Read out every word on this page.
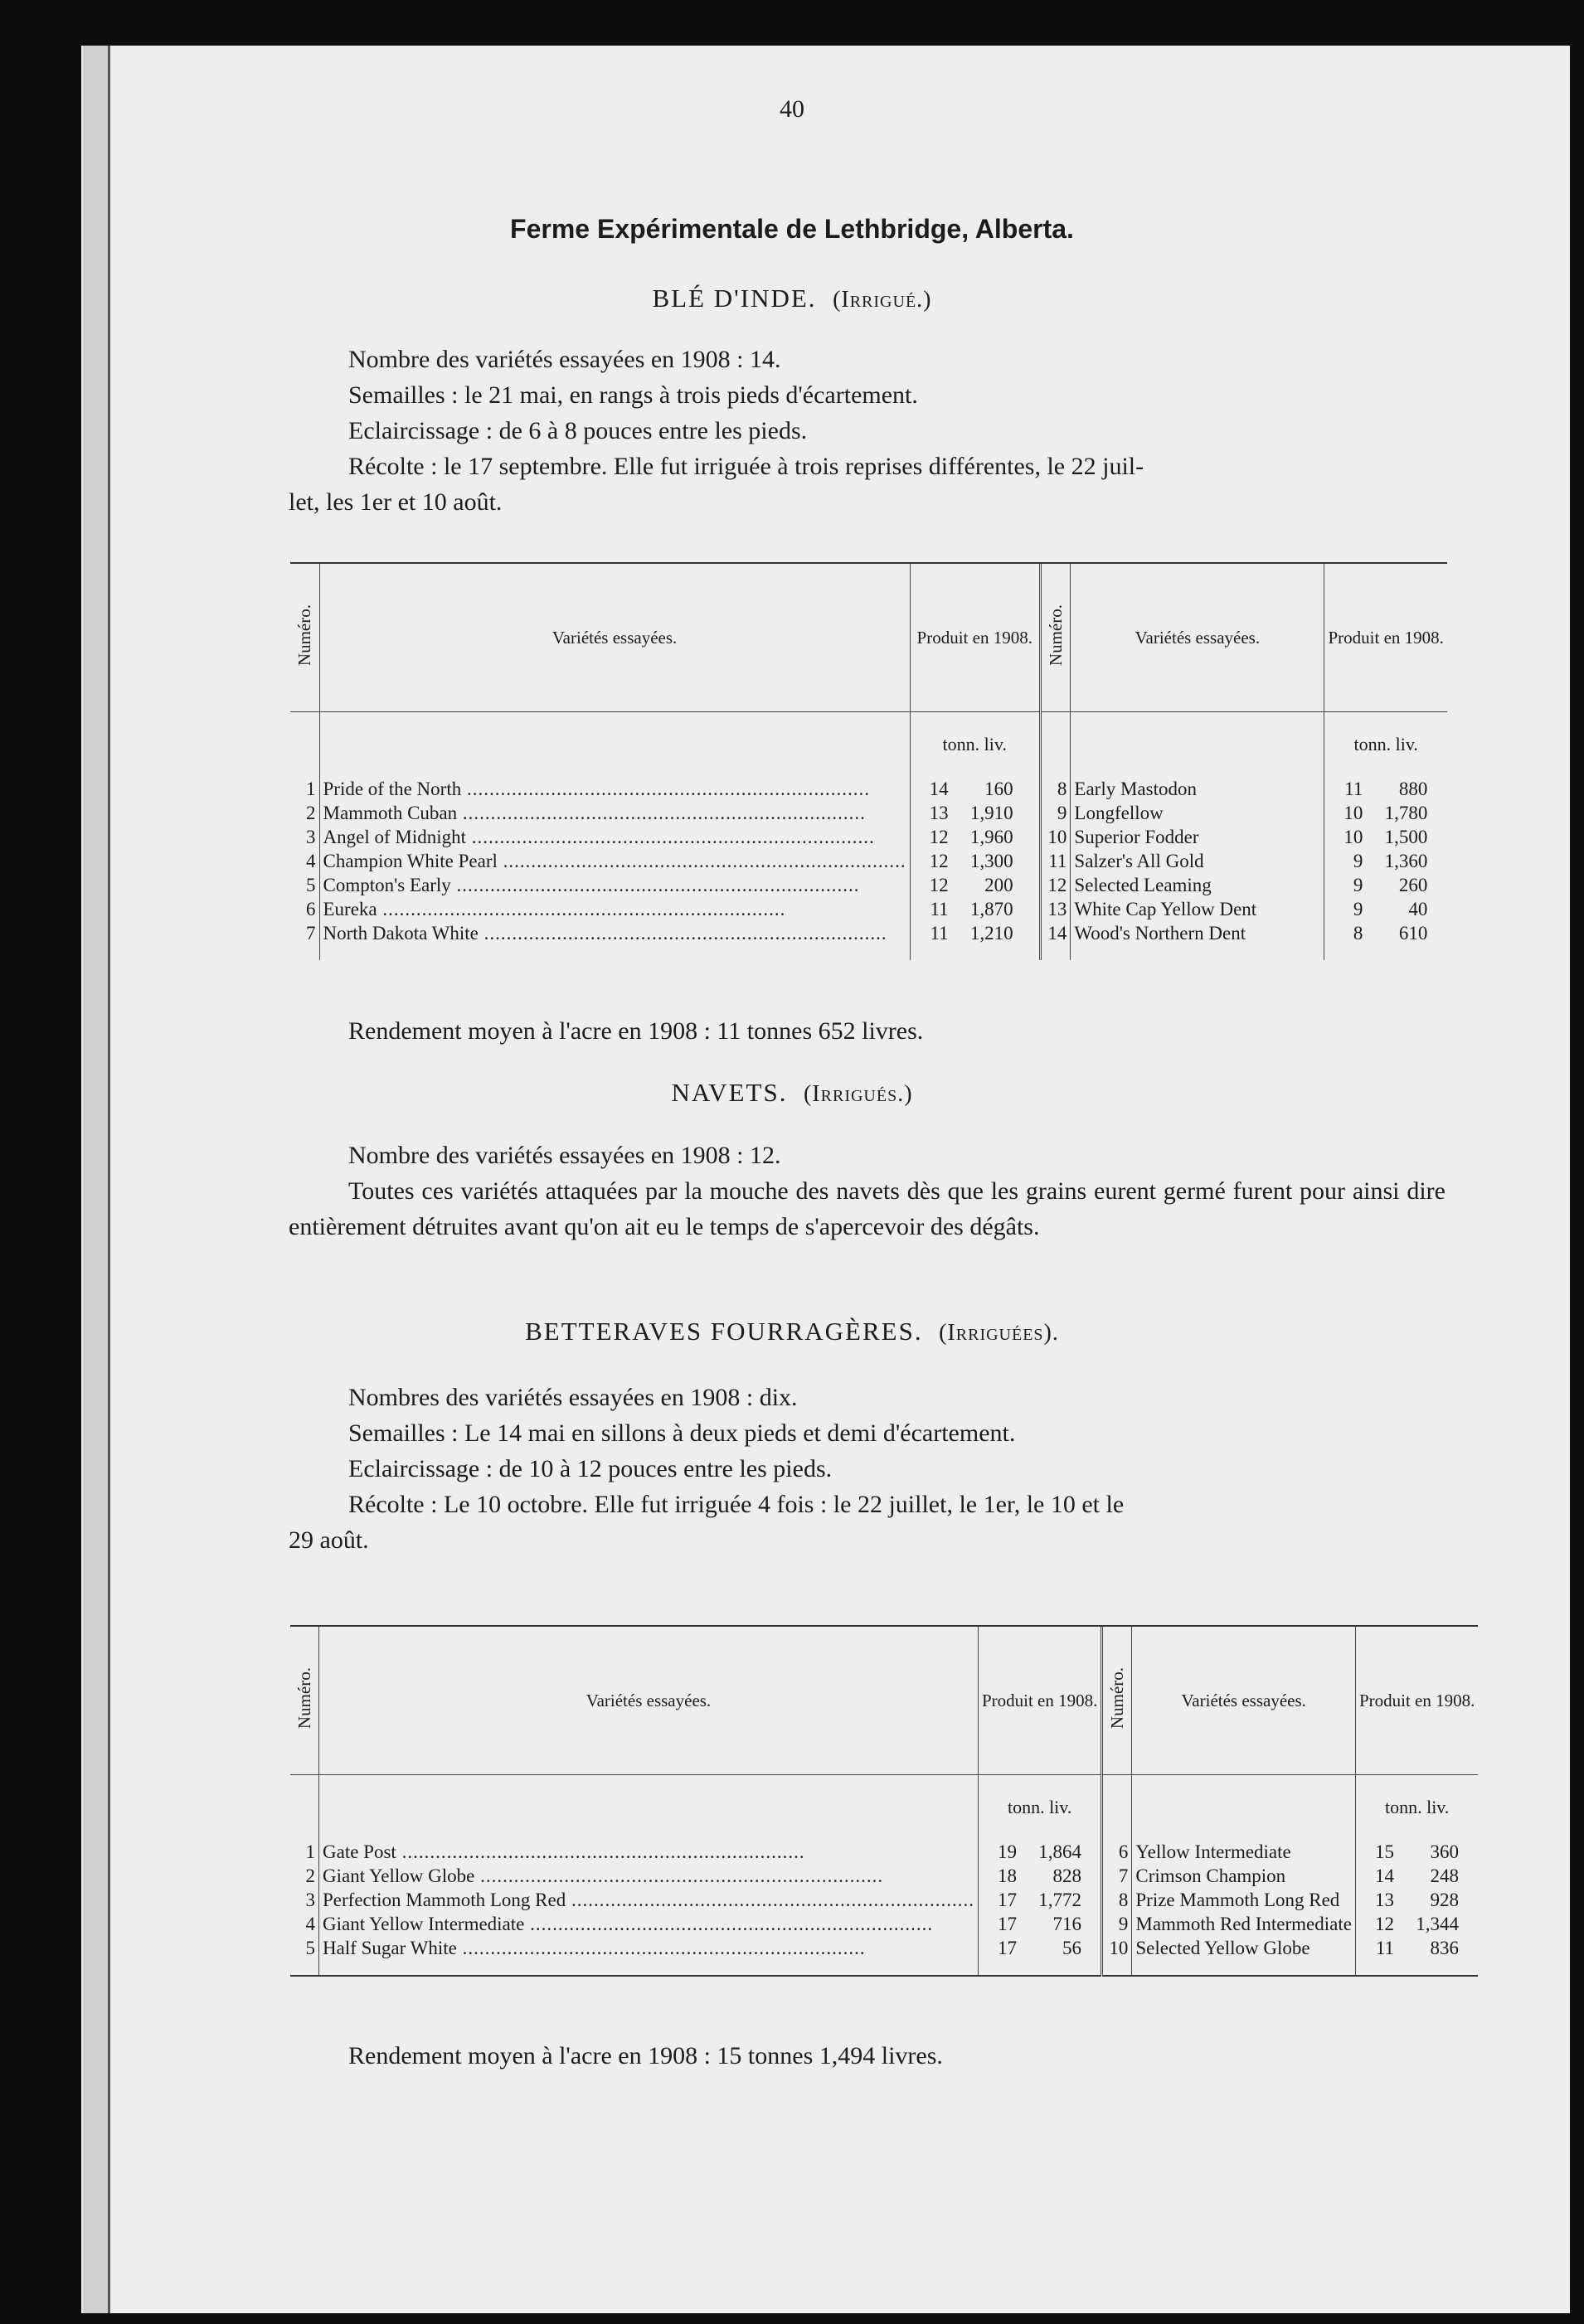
40
Ferme Expérimentale de Lethbridge, Alberta.
BLÉ D'INDE. (Irrigué.)

Nombre des variétés essayées en 1908 : 14.

Semailles : le 21 mai, en rangs à trois pieds d'écartement.

Eclaircissage : de 6 à 8 pouces entre les pieds.

Récolte : le 17 septembre. Elle fut irriguée à trois reprises différentes, le 22 juil-

let, les 1er et 10 août.

Numéro.	Variétés essayées.	Produit en 1908.	Numéro.	Variétés essayées.	Produit en 1908.
		tonn. liv.			tonn. liv.
1	Pride of the North .....	14 160	8	Early Mastodon	11 880
2	Mammoth Cuban .....	13 1,910	9	Longfellow	10 1,780
3	Angel of Midnight .....	12 1,960	10	Superior Fodder	10 1,500
4	Champion White Pearl .....	12 1,300	11	Salzer's All Gold	9 1,360
5	Compton's Early .....	12 200	12	Selected Leaming	9 260
6	Eureka .....	11 1,870	13	White Cap Yellow Dent	9 40
7	North Dakota White .....	11 1,210	14	Wood's Northern Dent	8 610

Rendement moyen à l'acre en 1908 : 11 tonnes 652 livres.

NAVETS. (Irrigués.)

Nombre des variétés essayées en 1908 : 12.

Toutes ces variétés attaquées par la mouche des navets dès que les grains eurent germé furent pour ainsi dire entièrement détruites avant qu'on ait eu le temps de s'apercevoir des dégâts.

BETTERAVES FOURRAGÈRES. (Irriguées).

Nombres des variétés essayées en 1908 : dix.

Semailles : Le 14 mai en sillons à deux pieds et demi d'écartement.

Eclaircissage : de 10 à 12 pouces entre les pieds.

Récolte : Le 10 octobre. Elle fut irriguée 4 fois : le 22 juillet, le 1er, le 10 et le

29 août.

Numéro.	Variétés essayées.	Produit en 1908.	Numéro.	Variétés essayées.	Produit en 1908.
		tonn. liv.			tonn. liv.
1	Gate Post .....	19 1,864	6	Yellow Intermediate	15 360
2	Giant Yellow Globe .....	18 828	7	Crimson Champion	14 248
3	Perfection Mammoth Long Red .....	17 1,772	8	Prize Mammoth Long Red	13 928
4	Giant Yellow Intermediate .....	17 716	9	Mammoth Red Intermediate	12 1,344
5	Half Sugar White .....	17 56	10	Selected Yellow Globe	11 836

Rendement moyen à l'acre en 1908 : 15 tonnes 1,494 livres.
